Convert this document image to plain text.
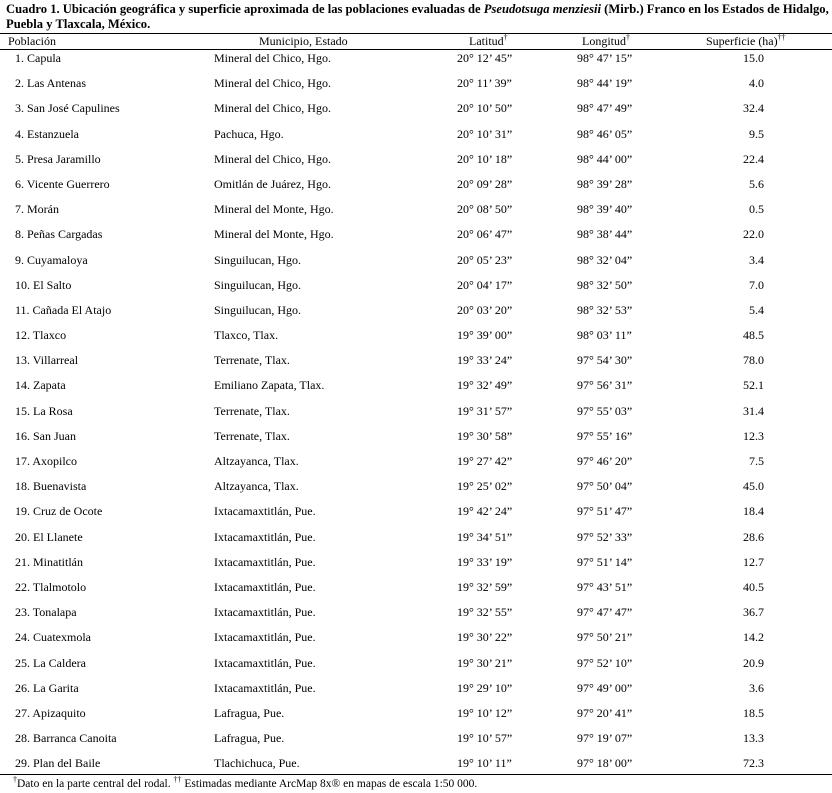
Cuadro 1. Ubicación geográfica y superficie aproximada de las poblaciones evaluadas de Pseudotsuga menziesii (Mirb.) Franco en los Estados de Hidalgo, Puebla y Tlaxcala, México.
Población	Municipio, Estado	Latitud†	Longitud†	Superficie (ha)††
1. Capula	Mineral del Chico, Hgo.	20° 12’ 45”	98° 47’ 15”	15.0
2. Las Antenas	Mineral del Chico, Hgo.	20° 11’ 39”	98° 44’ 19”	4.0
3. San José Capulines	Mineral del Chico, Hgo.	20° 10’ 50”	98° 47’ 49”	32.4
4. Estanzuela	Pachuca, Hgo.	20° 10’ 31”	98° 46’ 05”	9.5
5. Presa Jaramillo	Mineral del Chico, Hgo.	20° 10’ 18”	98° 44’ 00”	22.4
6. Vicente Guerrero	Omitlán de Juárez, Hgo.	20° 09’ 28”	98° 39’ 28”	5.6
7. Morán	Mineral del Monte, Hgo.	20° 08’ 50”	98° 39’ 40”	0.5
8. Peñas Cargadas	Mineral del Monte, Hgo.	20° 06’ 47”	98° 38’ 44”	22.0
9. Cuyamaloya	Singuilucan, Hgo.	20° 05’ 23”	98° 32’ 04”	3.4
10. El Salto	Singuilucan, Hgo.	20° 04’ 17”	98° 32’ 50”	7.0
11. Cañada El Atajo	Singuilucan, Hgo.	20° 03’ 20”	98° 32’ 53”	5.4
12. Tlaxco	Tlaxco, Tlax.	19° 39’ 00”	98° 03’ 11”	48.5
13. Villarreal	Terrenate, Tlax.	19° 33’ 24”	97° 54’ 30”	78.0
14. Zapata	Emiliano Zapata, Tlax.	19° 32’ 49”	97° 56’ 31”	52.1
15. La Rosa	Terrenate, Tlax.	19° 31’ 57”	97° 55’ 03”	31.4
16. San Juan	Terrenate, Tlax.	19° 30’ 58”	97° 55’ 16”	12.3
17. Axopilco	Altzayanca, Tlax.	19° 27’ 42”	97° 46’ 20”	7.5
18. Buenavista	Altzayanca, Tlax.	19° 25’ 02”	97° 50’ 04”	45.0
19. Cruz de Ocote	Ixtacamaxtitlán, Pue.	19° 42’ 24”	97° 51’ 47”	18.4
20. El Llanete	Ixtacamaxtitlán, Pue.	19° 34’ 51”	97° 52’ 33”	28.6
21. Minatitlán	Ixtacamaxtitlán, Pue.	19° 33’ 19”	97° 51’ 14”	12.7
22. Tlalmotolo	Ixtacamaxtitlán, Pue.	19° 32’ 59”	97° 43’ 51”	40.5
23. Tonalapa	Ixtacamaxtitlán, Pue.	19° 32’ 55”	97° 47’ 47”	36.7
24. Cuatexmola	Ixtacamaxtitlán, Pue.	19° 30’ 22”	97° 50’ 21”	14.2
25. La Caldera	Ixtacamaxtitlán, Pue.	19° 30’ 21”	97° 52’ 10”	20.9
26. La Garita	Ixtacamaxtitlán, Pue.	19° 29’ 10”	97° 49’ 00”	3.6
27. Apizaquito	Lafragua, Pue.	19° 10’ 12”	97° 20’ 41”	18.5
28. Barranca Canoita	Lafragua, Pue.	19° 10’ 57”	97° 19’ 07”	13.3
29. Plan del Baile	Tlachichuca, Pue.	19° 10’ 11”	97° 18’ 00”	72.3
†Dato en la parte central del rodal. †† Estimadas mediante ArcMap 8x® en mapas de escala 1:50 000.
